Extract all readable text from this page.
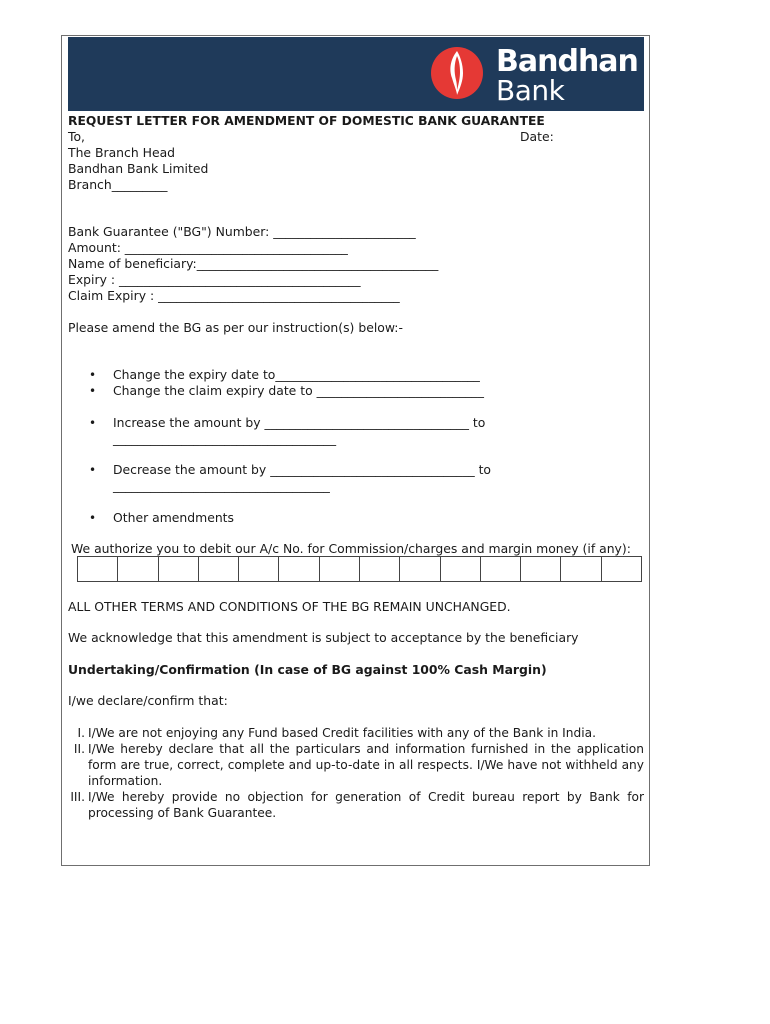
Bandhan
Bank
REQUEST LETTER FOR AMENDMENT OF DOMESTIC BANK GUARANTEE
To,	Date:
The Branch Head
Bandhan Bank Limited
Branch_________
Bank Guarantee ("BG") Number: _______________________
Amount: ____________________________________
Name of beneficiary:_______________________________________
Expiry : _______________________________________
Claim Expiry : _______________________________________
Please amend the BG as per our instruction(s) below:-
• Change the expiry date to_________________________________
• Change the claim expiry date to ___________________________
• Increase the amount by _________________________________ to
____________________________________
• Decrease the amount by _________________________________ to
___________________________________
• Other amendments
We authorize you to debit our A/c No. for Commission/charges and margin money (if any):
ALL OTHER TERMS AND CONDITIONS OF THE BG REMAIN UNCHANGED.
We acknowledge that this amendment is subject to acceptance by the beneficiary
Undertaking/Confirmation (In case of BG against 100% Cash Margin)
I/we declare/confirm that:
I. I/We are not enjoying any Fund based Credit facilities with any of the Bank in India.
II. I/We hereby declare that all the particulars and information furnished in the application form are true, correct, complete and up-to-date in all respects. I/We have not withheld any information.
III. I/We hereby provide no objection for generation of Credit bureau report by Bank for processing of Bank Guarantee.
